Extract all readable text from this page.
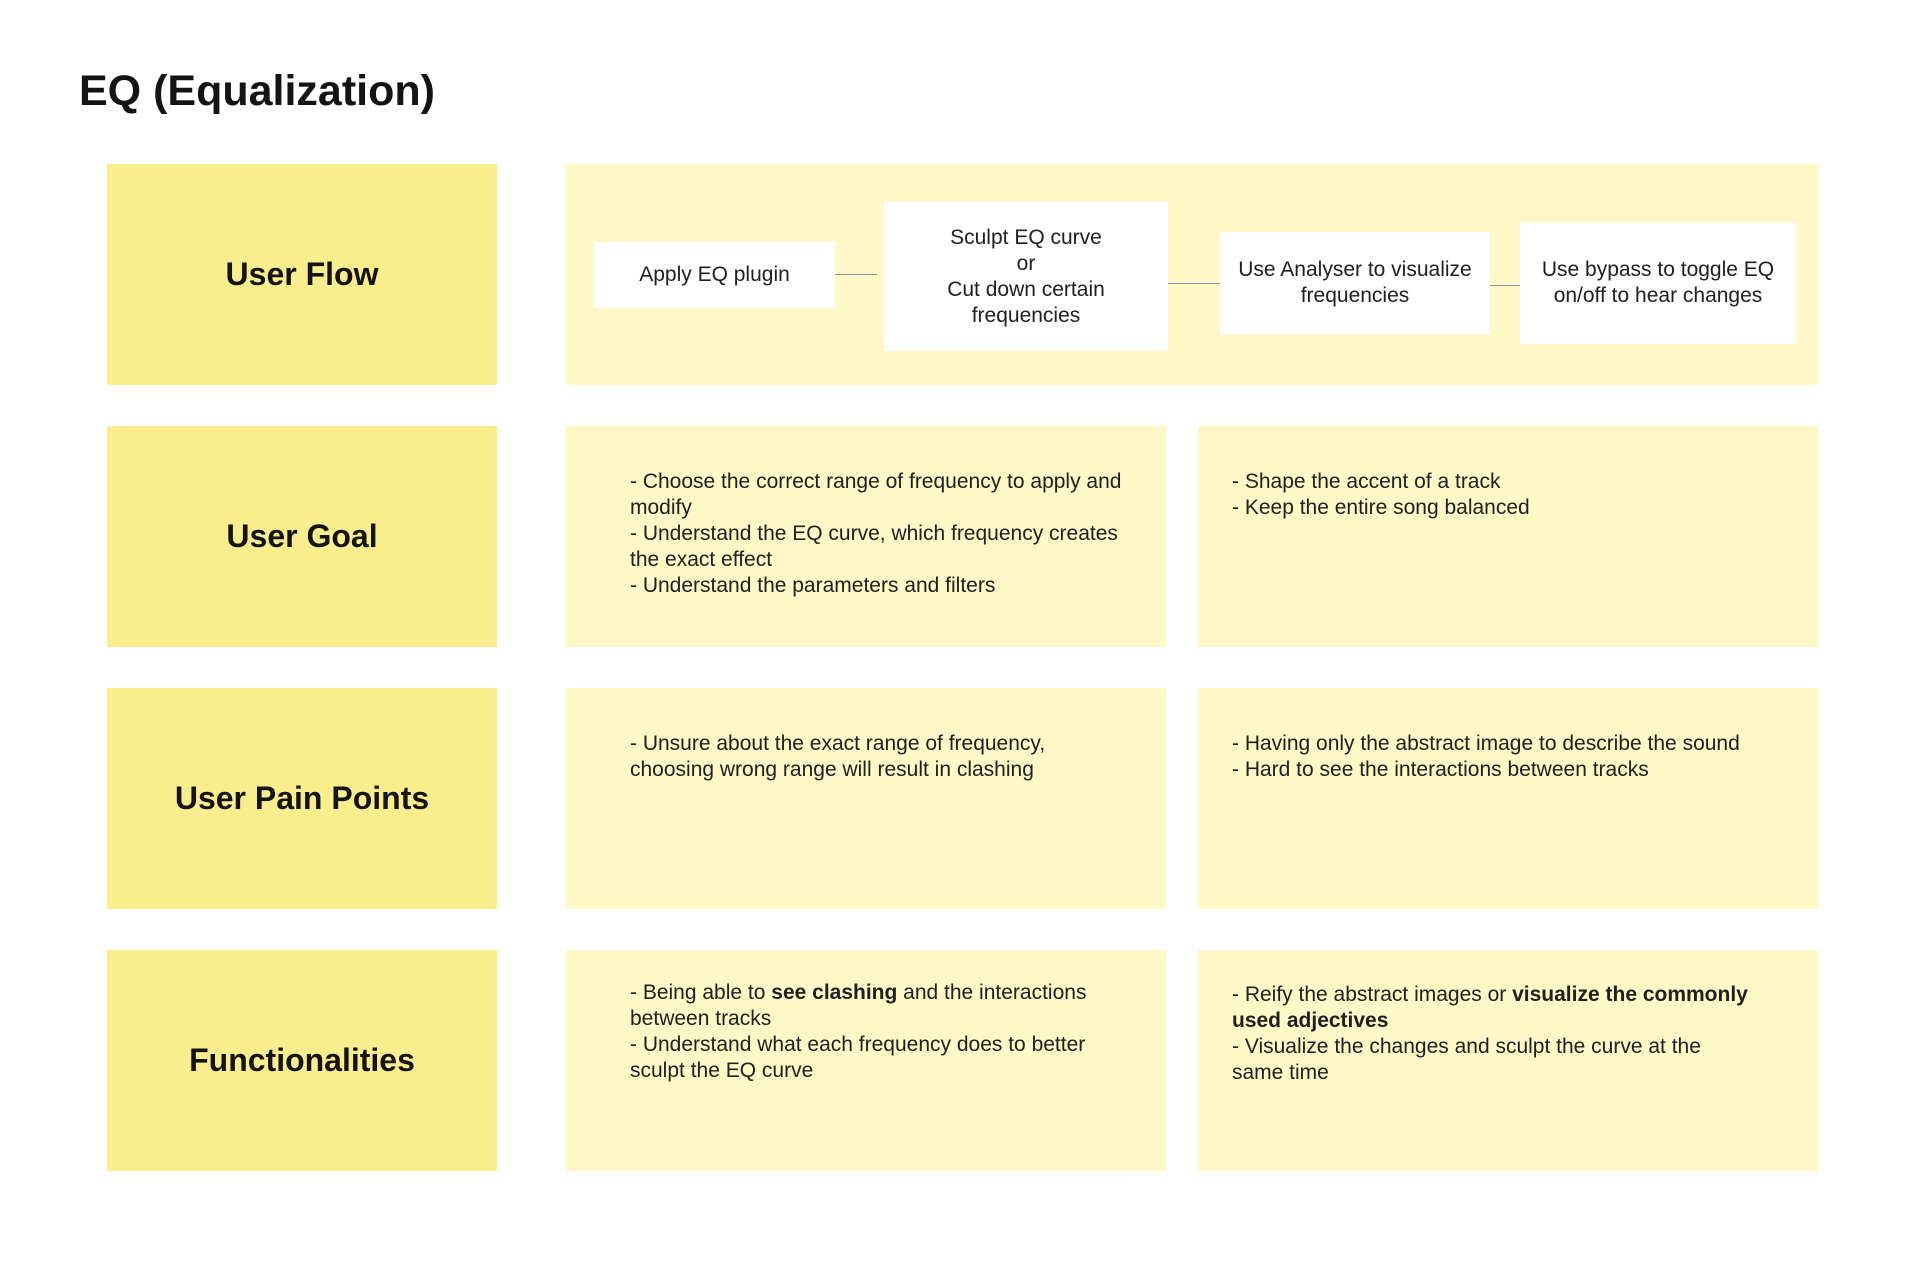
EQ (Equalization)
User Flow	Apply EQ plugin
Sculpt EQ curve
or
Cut down certain frequencies
Use Analyser to visualize frequencies
Use bypass to toggle EQ on/off to hear changes
User Goal
- Choose the correct range of frequency to apply and modify
- Understand the EQ curve, which frequency creates the exact effect
- Understand the parameters and filters
- Shape the accent of a track
- Keep the entire song balanced
User Pain Points
- Unsure about the exact range of frequency, choosing wrong range will result in clashing
- Having only the abstract image to describe the sound
- Hard to see the interactions between tracks
Functionalities
- Being able to see clashing and the interactions between tracks
- Understand what each frequency does to better sculpt the EQ curve
- Reify the abstract images or visualize the commonly used adjectives
- Visualize the changes and sculpt the curve at the same time
